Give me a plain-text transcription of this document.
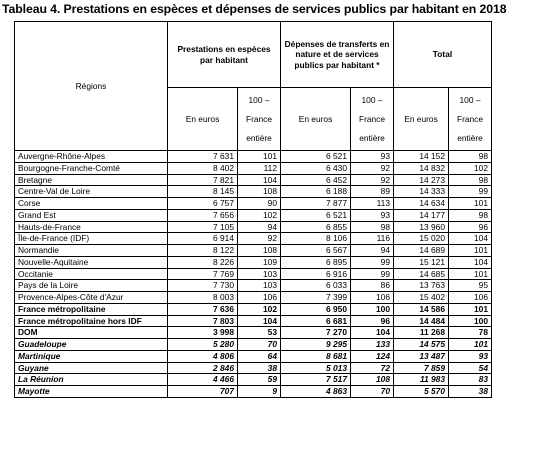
Tableau 4. Prestations en espèces et dépenses de services publics par habitant en 2018
Régions	Prestations en espèces par habitant		Dépenses de transferts en nature et de services publics par habitant *		Total	
	En euros	100 – France entière	En euros	100 – France entière	En euros	100 – France entière
Auvergne-Rhône-Alpes	7 631	101	6 521	93	14 152	98
Bourgogne-Franche-Comté	8 402	112	6 430	92	14 832	102
Bretagne	7 821	104	6 452	92	14 273	98
Centre-Val de Loire	8 145	108	6 188	89	14 333	99
Corse	6 757	90	7 877	113	14 634	101
Grand Est	7 656	102	6 521	93	14 177	98
Hauts-de-France	7 105	94	6 855	98	13 960	96
Île-de-France (IDF)	6 914	92	8 106	116	15 020	104
Normandie	8 122	108	6 567	94	14 689	101
Nouvelle-Aquitaine	8 226	109	6 895	99	15 121	104
Occitanie	7 769	103	6 916	99	14 685	101
Pays de la Loire	7 730	103	6 033	86	13 763	95
Provence-Alpes-Côte d'Azur	8 003	106	7 399	106	15 402	106
France métropolitaine	7 636	102	6 950	100	14 586	101
France métropolitaine hors IDF	7 803	104	6 681	96	14 484	100
DOM	3 998	53	7 270	104	11 268	78
Guadeloupe	5 280	70	9 295	133	14 575	101
Martinique	4 806	64	8 681	124	13 487	93
Guyane	2 846	38	5 013	72	7 859	54
La Réunion	4 466	59	7 517	108	11 983	83
Mayotte	707	9	4 863	70	5 570	38
